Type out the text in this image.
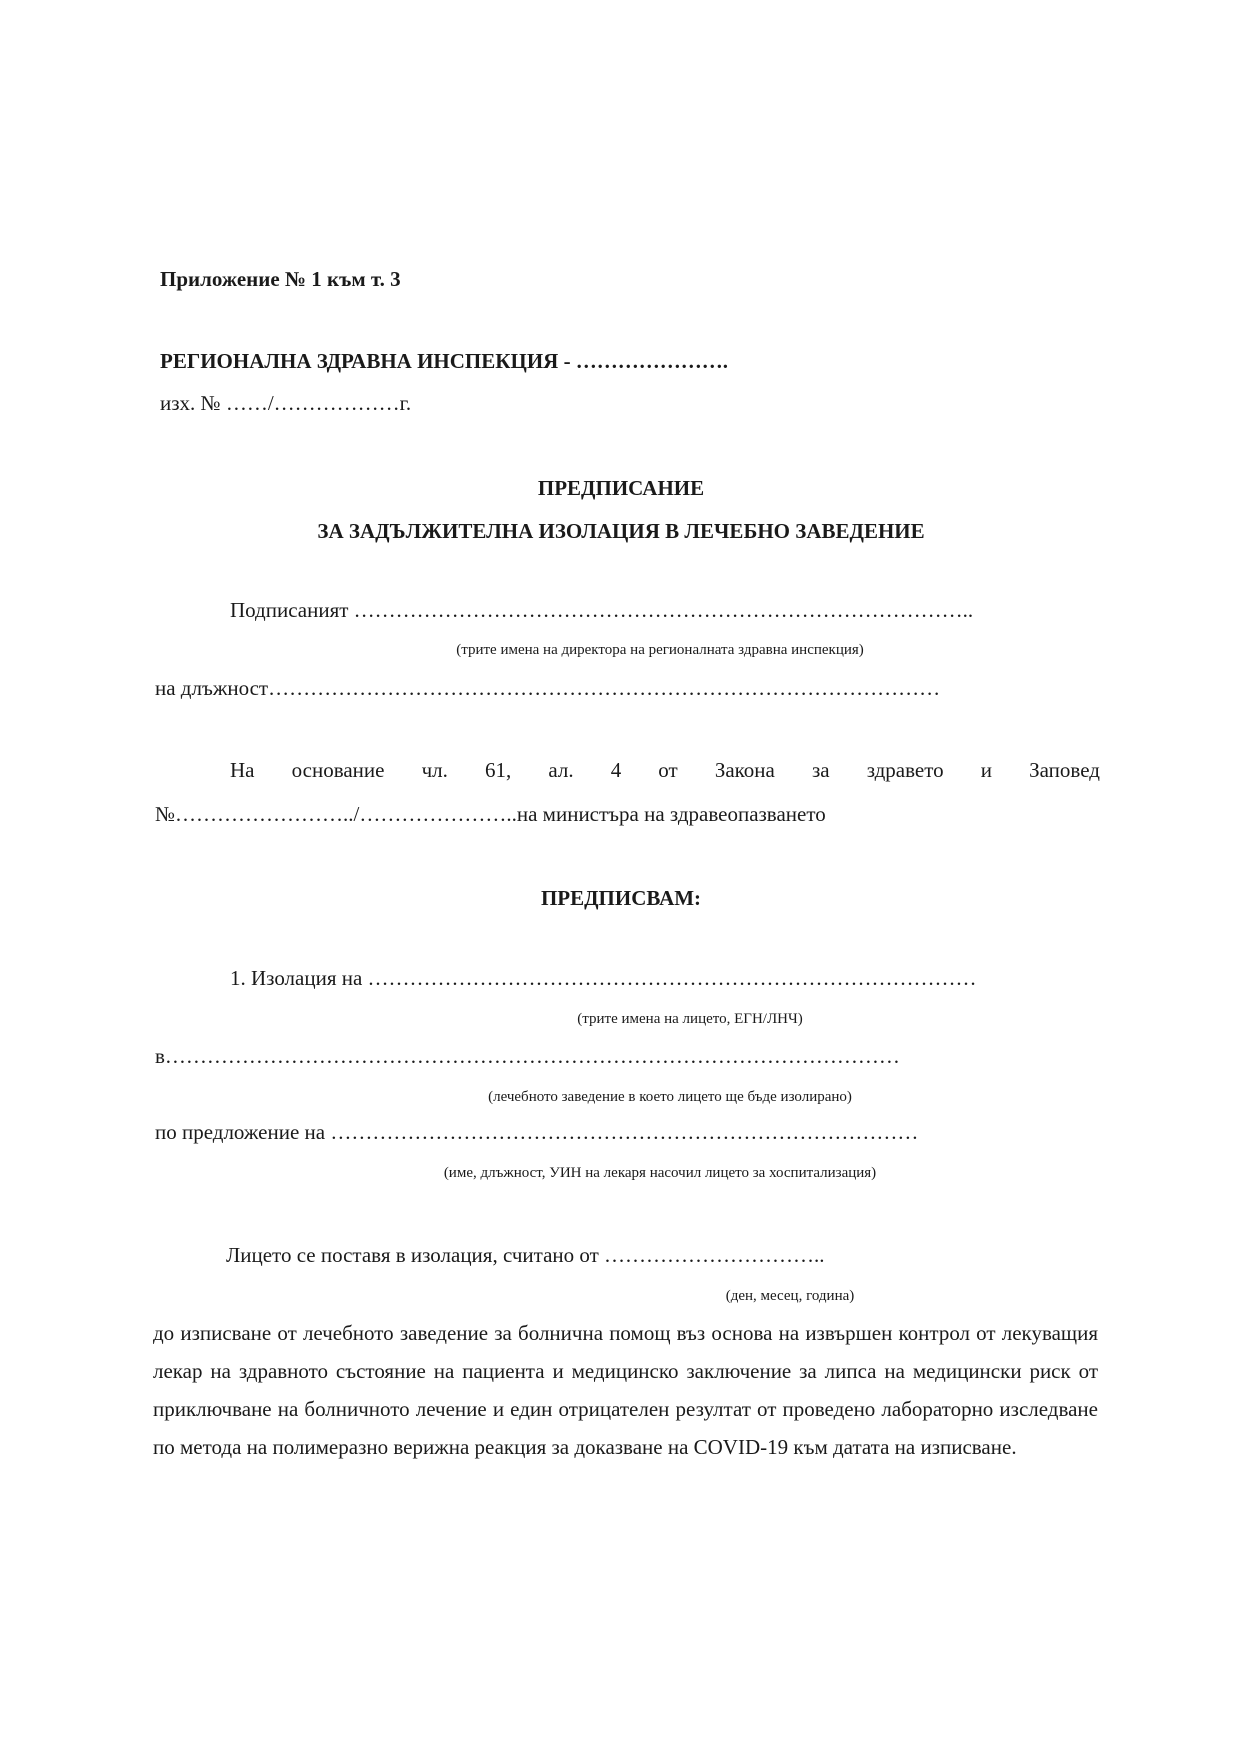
Приложение № 1 към т. 3
РЕГИОНАЛНА ЗДРАВНА ИНСПЕКЦИЯ - ………………….
изх. № ……/………………г.
ПРЕДПИСАНИЕ
ЗА ЗАДЪЛЖИТЕЛНА ИЗОЛАЦИЯ В ЛЕЧЕБНО ЗАВЕДЕНИЕ
Подписаният ……………………………………………………………………………..
(трите имена на директора на регионалната здравна инспекция)
на длъжност……………………………………………………………………………………
На основание чл. 61, ал. 4 от Закона за здравето и Заповед
№……………………../…………………..на министъра на здравеопазването
ПРЕДПИСВАМ:
1. Изолация на ……………………………………………………………………………
(трите имена на лицето, ЕГН/ЛНЧ)
в……………………………………………………………………………………………
(лечебното заведение в което лицето ще бъде изолирано)
по предложение на …………………………………………………………………………
(име, длъжност, УИН на лекаря насочил лицето за хоспитализация)
Лицето се поставя в изолация, считано от …………………………..
(ден, месец, година)
до изписване от лечебното заведение за болнична помощ въз основа на извършен контрол от лекуващия лекар на здравното състояние на пациента и медицинско заключение за липса на медицински риск от приключване на болничното лечение и един отрицателен резултат от проведено лабораторно изследване по метода на полимеразно верижна реакция за доказване на COVID-19 към датата на изписване.
